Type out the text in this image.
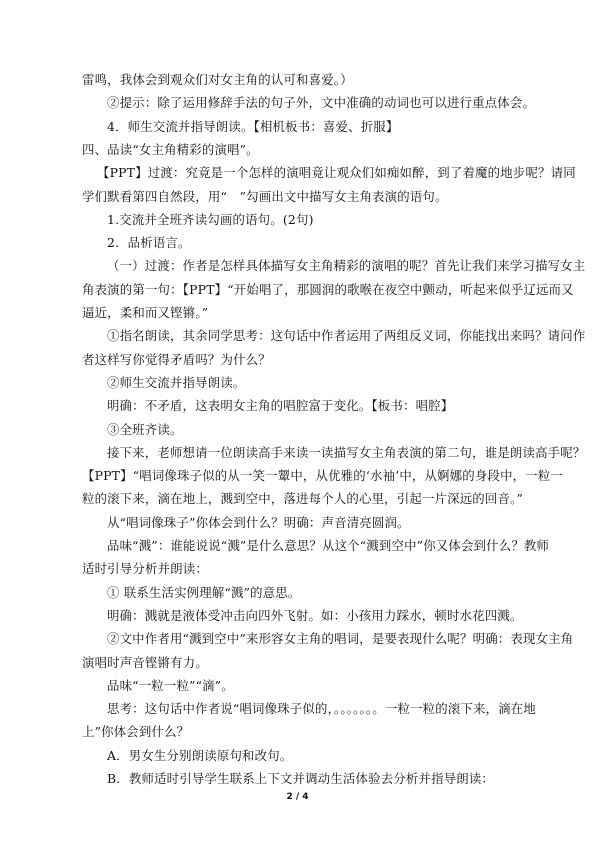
雷鸣，我体会到观众们对女主角的认可和喜爱。）
②提示：除了运用修辞手法的句子外，文中准确的动词也可以进行重点体会。
4．师生交流并指导朗读。【相机板书：喜爱、折服】
四、品读“女主角精彩的演唱”。
【PPT】过渡：究竟是一个怎样的演唱竟让观众们如痴如醉，到了着魔的地步呢？请同
学们默看第四自然段，用“　”勾画出文中描写女主角表演的语句。
1.交流并全班齐读勾画的语句。(2句)
2．品析语言。
（一）过渡：作者是怎样具体描写女主角精彩的演唱的呢？首先让我们来学习描写女主
角表演的第一句：【PPT】“开始唱了，那圆润的歌喉在夜空中颤动，听起来似乎辽远而又
逼近，柔和而又铿锵。”
①指名朗读，其余同学思考：这句话中作者运用了两组反义词，你能找出来吗？请问作
者这样写你觉得矛盾吗？为什么？
②师生交流并指导朗读。
明确：不矛盾，这表明女主角的唱腔富于变化。【板书：唱腔】
③全班齐读。
接下来，老师想请一位朗读高手来读一读描写女主角表演的第二句，谁是朗读高手呢？
【PPT】“唱词像珠子似的从一笑一颦中，从优雅的‘水袖’中，从婀娜的身段中，一粒一
粒的滚下来，滴在地上，溅到空中，落进每个人的心里，引起一片深远的回音。”
从“唱词像珠子”你体会到什么？明确：声音清亮圆润。
品味“溅”：谁能说说“溅”是什么意思？从这个“溅到空中”你又体会到什么？教师
适时引导分析并朗读：
① 联系生活实例理解“溅”的意思。
明确：溅就是液体受冲击向四外飞射。如：小孩用力踩水，顿时水花四溅。
②文中作者用“溅到空中”来形容女主角的唱词，是要表现什么呢？明确：表现女主角
演唱时声音铿锵有力。
品味“一粒一粒”“滴”。
思考：这句话中作者说“唱词像珠子似的，。。。。。。。一粒一粒的滚下来，滴在地
上”你体会到什么？
A．男女生分别朗读原句和改句。
B．教师适时引导学生联系上下文并调动生活体验去分析并指导朗读：
2 / 4
